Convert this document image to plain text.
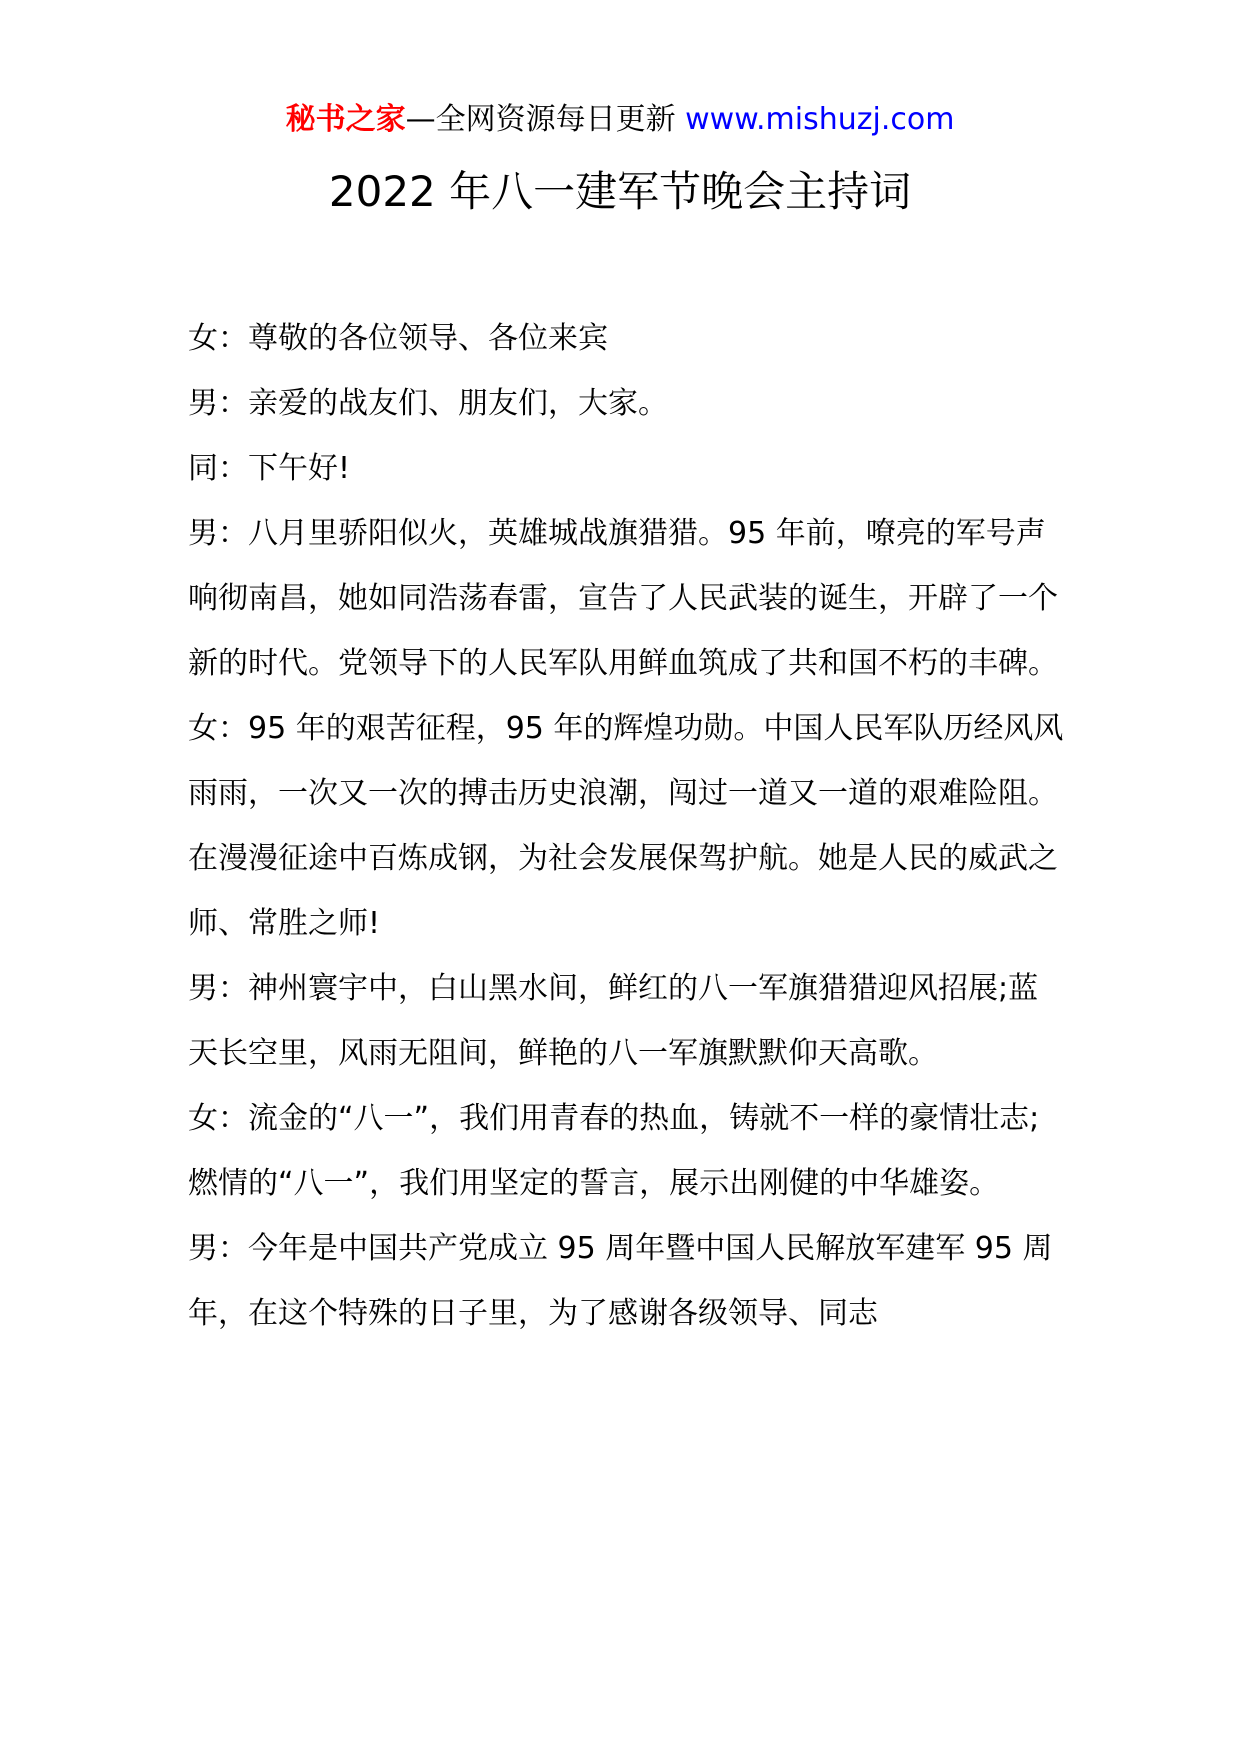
秘书之家—全网资源每日更新 www.mishuzj.com
2022 年八一建军节晚会主持词

女：尊敬的各位领导、各位来宾

男：亲爱的战友们、朋友们，大家。

同：下午好!

男：八月里骄阳似火，英雄城战旗猎猎。95 年前，嘹亮的军号声响彻南昌，她如同浩荡春雷，宣告了人民武装的诞生，开辟了一个新的时代。党领导下的人民军队用鲜血筑成了共和国不朽的丰碑。

女：95 年的艰苦征程，95 年的辉煌功勋。中国人民军队历经风风雨雨，一次又一次的搏击历史浪潮，闯过一道又一道的艰难险阻。在漫漫征途中百炼成钢，为社会发展保驾护航。她是人民的威武之师、常胜之师!

男：神州寰宇中，白山黑水间，鲜红的八一军旗猎猎迎风招展;蓝天长空里，风雨无阻间，鲜艳的八一军旗默默仰天高歌。

女：流金的“八一”，我们用青春的热血，铸就不一样的豪情壮志;燃情的“八一”，我们用坚定的誓言，展示出刚健的中华雄姿。

男：今年是中国共产党成立 95 周年暨中国人民解放军建军 95 周年，在这个特殊的日子里，为了感谢各级领导、同志
